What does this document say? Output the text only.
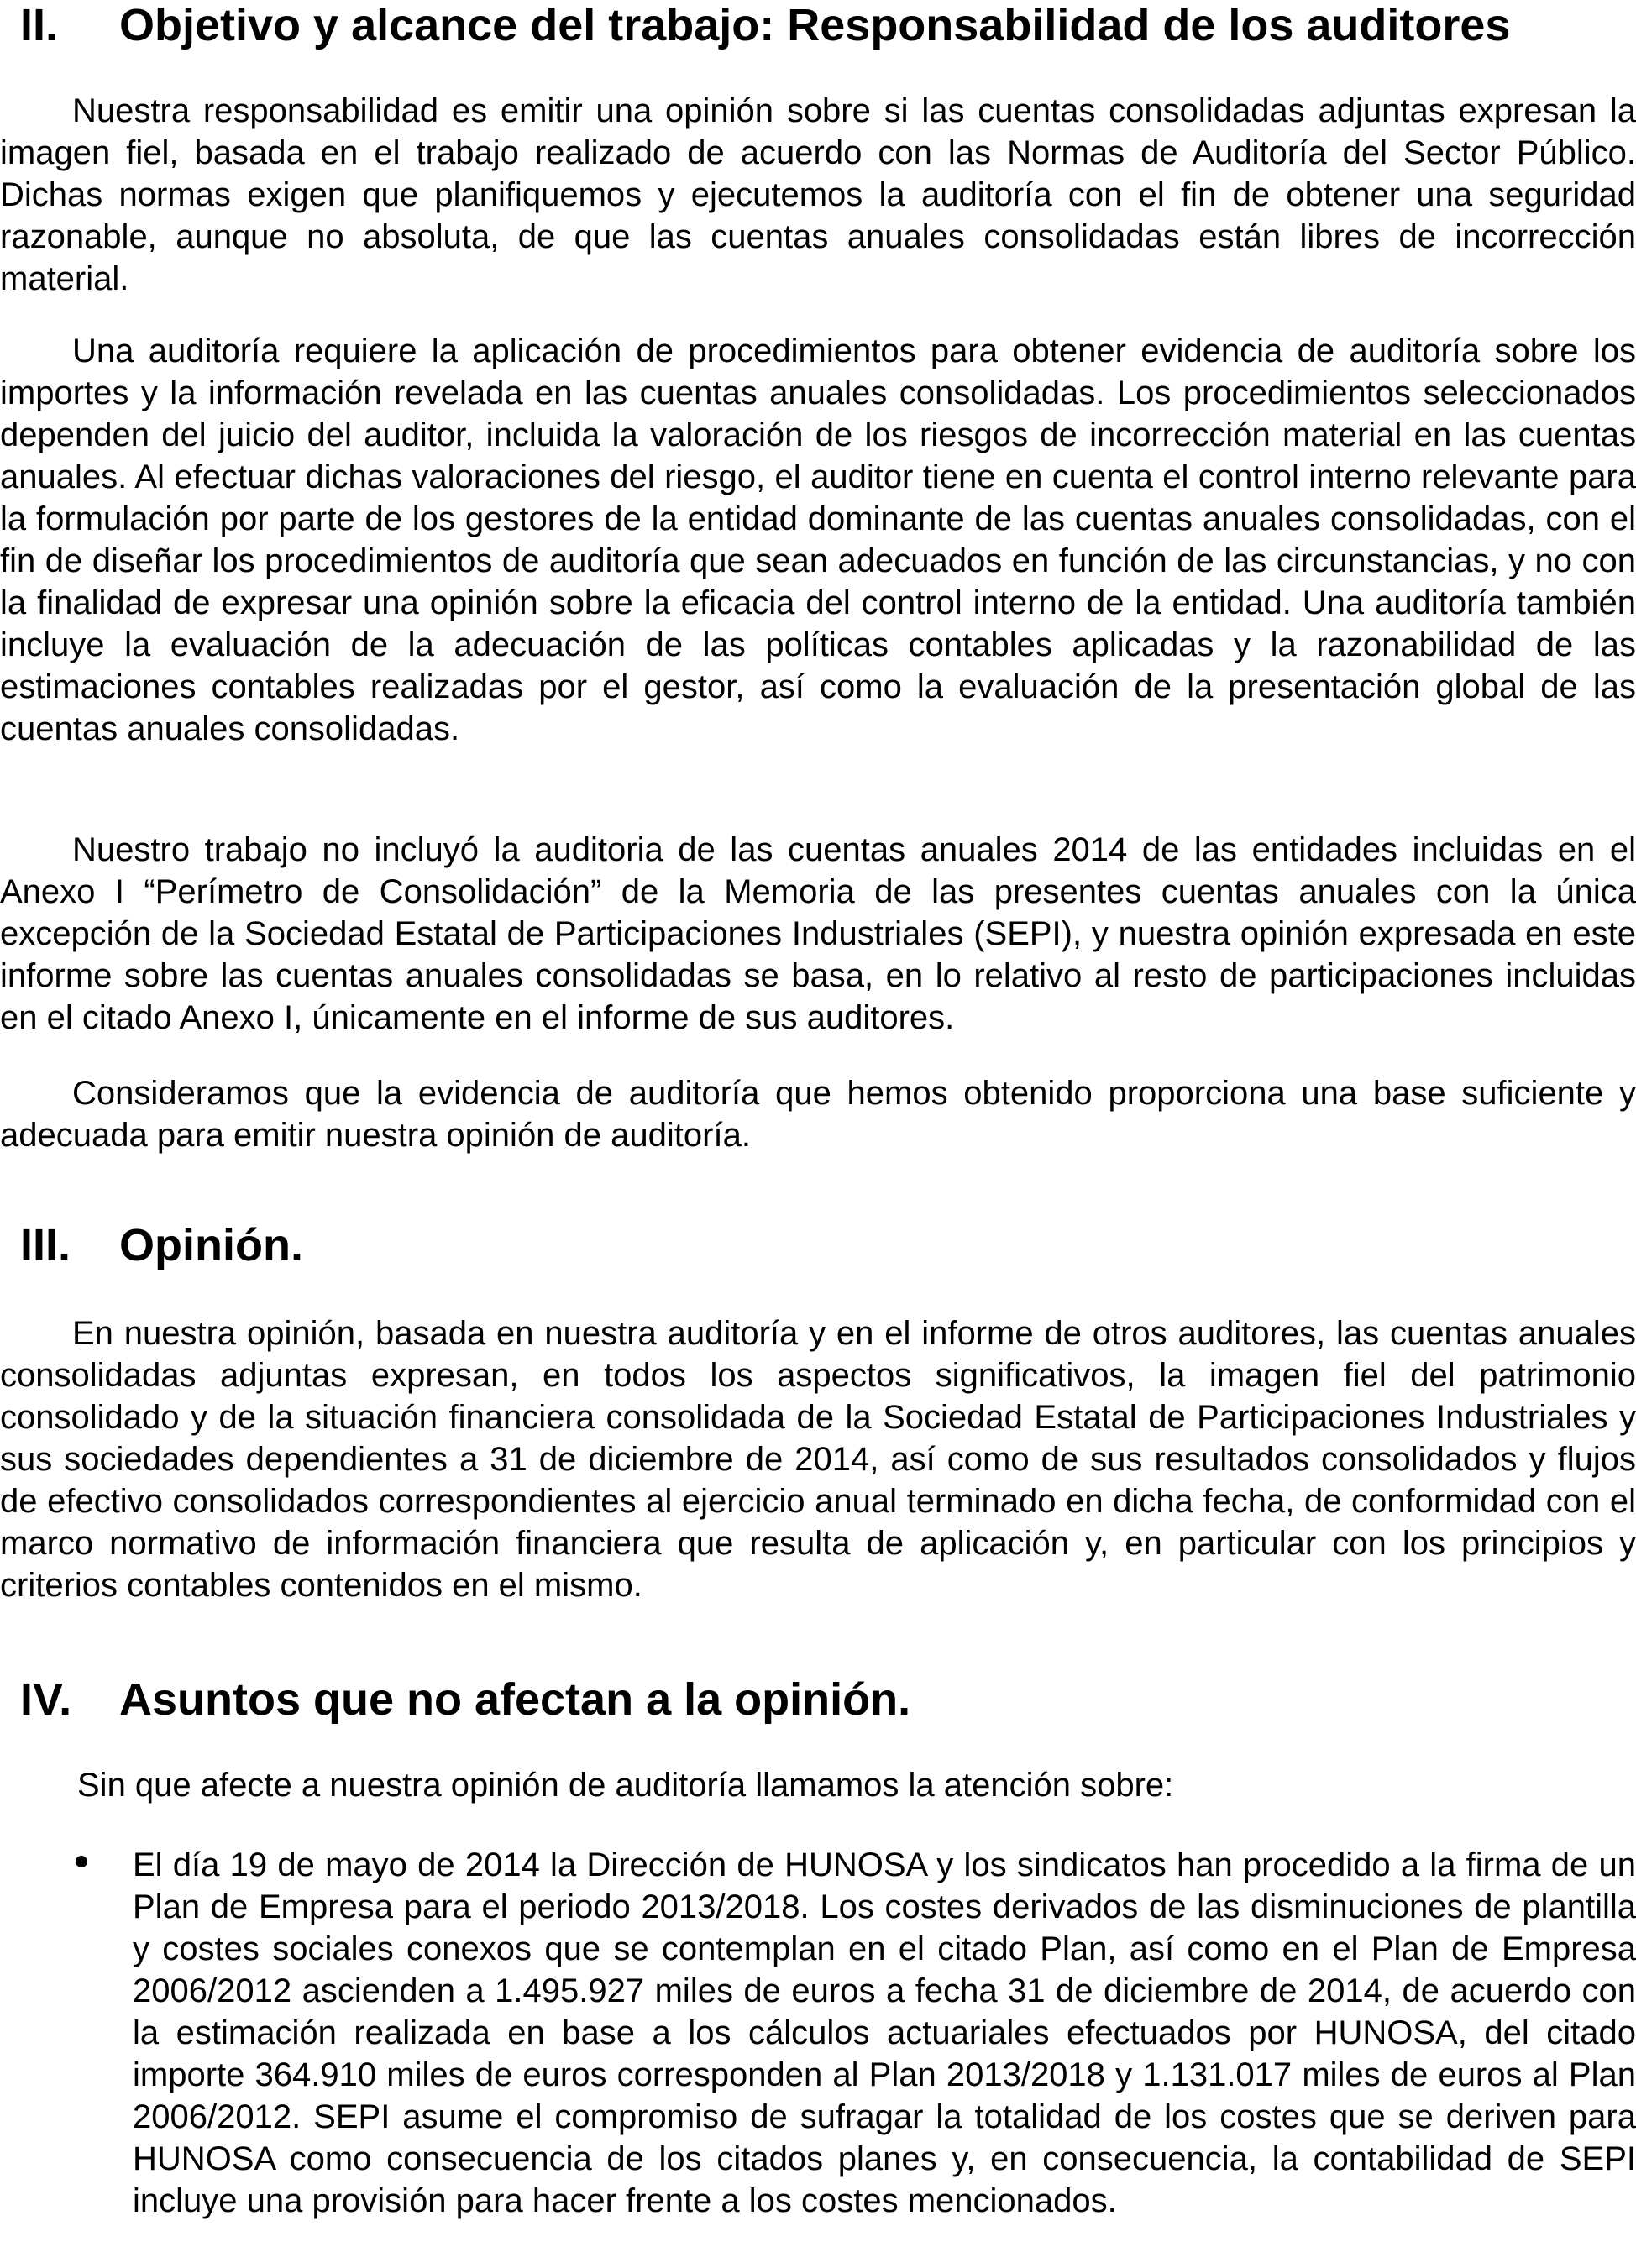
II.	Objetivo y alcance del trabajo: Responsabilidad de los auditores

Nuestra responsabilidad es emitir una opinión sobre si las cuentas consolidadas adjuntas expresan la imagen fiel, basada en el trabajo realizado de acuerdo con las Normas de Auditoría del Sector Público. Dichas normas exigen que planifiquemos y ejecutemos la auditoría con el fin de obtener una seguridad razonable, aunque no absoluta, de que las cuentas anuales consolidadas están libres de incorrección material.

Una auditoría requiere la aplicación de procedimientos para obtener evidencia de auditoría sobre los importes y la información revelada en las cuentas anuales consolidadas. Los procedimientos seleccionados dependen del juicio del auditor, incluida la valoración de los riesgos de incorrección material en las cuentas anuales. Al efectuar dichas valoraciones del riesgo, el auditor tiene en cuenta el control interno relevante para la formulación por parte de los gestores de la entidad dominante de las cuentas anuales consolidadas, con el fin de diseñar los procedimientos de auditoría que sean adecuados en función de las circunstancias, y no con la finalidad de expresar una opinión sobre la eficacia del control interno de la entidad. Una auditoría también incluye la evaluación de la adecuación de las políticas contables aplicadas y la razonabilidad de las estimaciones contables realizadas por el gestor, así como la evaluación de la presentación global de las cuentas anuales consolidadas.

Nuestro trabajo no incluyó la auditoria de las cuentas anuales 2014 de las entidades incluidas en el Anexo I “Perímetro de Consolidación” de la Memoria de las presentes cuentas anuales con la única excepción de la Sociedad Estatal de Participaciones Industriales (SEPI), y nuestra opinión expresada en este informe sobre las cuentas anuales consolidadas se basa, en lo relativo al resto de participaciones incluidas en el citado Anexo I, únicamente en el informe de sus auditores.

Consideramos que la evidencia de auditoría que hemos obtenido proporciona una base suficiente y adecuada para emitir nuestra opinión de auditoría.

III.	Opinión.

En nuestra opinión, basada en nuestra auditoría y en el informe de otros auditores, las cuentas anuales consolidadas adjuntas expresan, en todos los aspectos significativos, la imagen fiel del patrimonio consolidado y de la situación financiera consolidada de la Sociedad Estatal de Participaciones Industriales y sus sociedades dependientes a 31 de diciembre de 2014, así como de sus resultados consolidados y flujos de efectivo consolidados correspondientes al ejercicio anual terminado en dicha fecha, de conformidad con el marco normativo de información financiera que resulta de aplicación y, en particular con los principios y criterios contables contenidos en el mismo.

IV.	Asuntos que no afectan a la opinión.

Sin que afecte a nuestra opinión de auditoría llamamos la atención sobre:

El día 19 de mayo de 2014 la Dirección de HUNOSA y los sindicatos han procedido a la firma de un Plan de Empresa para el periodo 2013/2018. Los costes derivados de las disminuciones de plantilla y costes sociales conexos que se contemplan en el citado Plan, así como en el Plan de Empresa 2006/2012 ascienden a 1.495.927 miles de euros a fecha 31 de diciembre de 2014, de acuerdo con la estimación realizada en base a los cálculos actuariales efectuados por HUNOSA, del citado importe 364.910 miles de euros corresponden al Plan 2013/2018 y 1.131.017 miles de euros al Plan 2006/2012. SEPI asume el compromiso de sufragar la totalidad de los costes que se deriven para HUNOSA como consecuencia de los citados planes y, en consecuencia, la contabilidad de SEPI incluye una provisión para hacer frente a los costes mencionados.
